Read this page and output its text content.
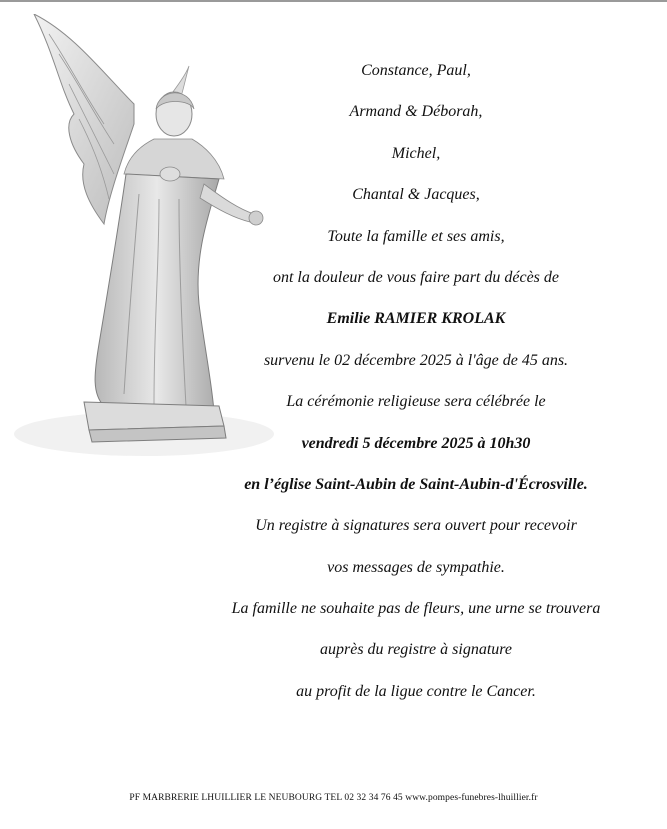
Constance, Paul,
Armand & Déborah,
Michel,
Chantal & Jacques,
Toute la famille et ses amis,
ont la douleur de vous faire part du décès de
Emilie RAMIER KROLAK
survenu le 02 décembre 2025 à l'âge de 45 ans.
La cérémonie religieuse sera célébrée le
vendredi 5 décembre 2025 à 10h30
en l’église Saint-Aubin de Saint-Aubin-d'Écrosville.
Un registre à signatures sera ouvert pour recevoir
vos messages de sympathie.
La famille ne souhaite pas de fleurs, une urne se trouvera
auprès du registre à signature
au profit de la ligue contre le Cancer.
PF MARBRERIE LHUILLIER LE NEUBOURG TEL 02 32 34 76 45 www.pompes-funebres-lhuillier.fr
